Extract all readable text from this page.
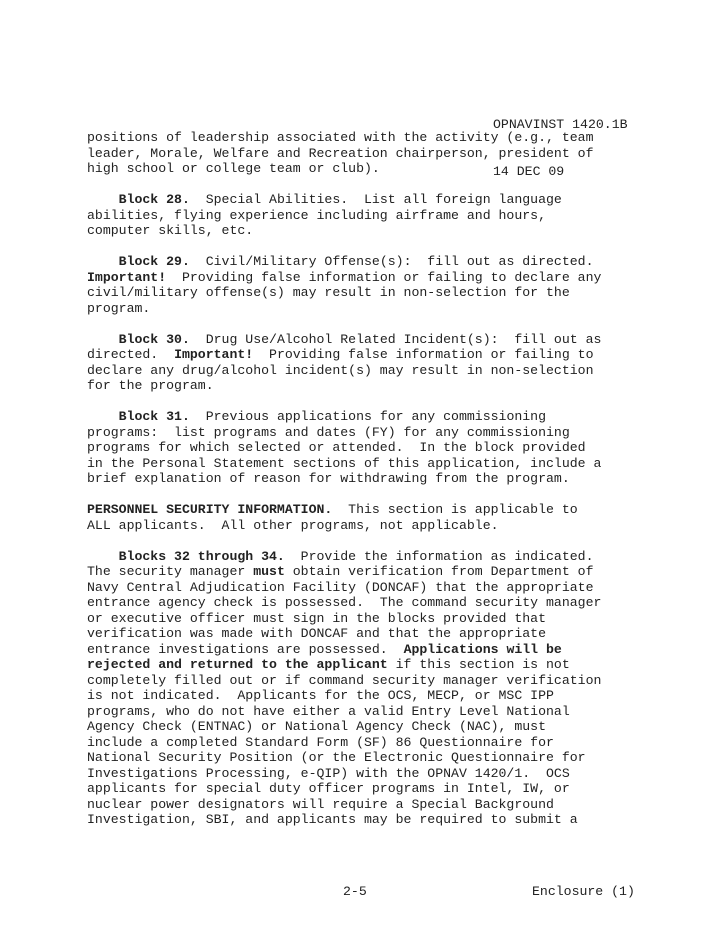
OPNAVINST 1420.1B

14 DEC 09

positions of leadership associated with the activity (e.g., team
leader, Morale, Welfare and Recreation chairperson, president of
high school or college team or club).
Block 28.  Special Abilities.  List all foreign language
abilities, flying experience including airframe and hours,
computer skills, etc.
Block 29.  Civil/Military Offense(s):  fill out as directed.
Important!  Providing false information or failing to declare any
civil/military offense(s) may result in non-selection for the
program.
Block 30.  Drug Use/Alcohol Related Incident(s):  fill out as
directed.  Important!  Providing false information or failing to
declare any drug/alcohol incident(s) may result in non-selection
for the program.
Block 31.  Previous applications for any commissioning
programs:  list programs and dates (FY) for any commissioning
programs for which selected or attended.  In the block provided
in the Personal Statement sections of this application, include a
brief explanation of reason for withdrawing from the program.
PERSONNEL SECURITY INFORMATION.  This section is applicable to
ALL applicants.  All other programs, not applicable.
Blocks 32 through 34.  Provide the information as indicated.
The security manager must obtain verification from Department of
Navy Central Adjudication Facility (DONCAF) that the appropriate
entrance agency check is possessed.  The command security manager
or executive officer must sign in the blocks provided that
verification was made with DONCAF and that the appropriate
entrance investigations are possessed.  Applications will be
rejected and returned to the applicant if this section is not
completely filled out or if command security manager verification
is not indicated.  Applicants for the OCS, MECP, or MSC IPP
programs, who do not have either a valid Entry Level National
Agency Check (ENTNAC) or National Agency Check (NAC), must
include a completed Standard Form (SF) 86 Questionnaire for
National Security Position (or the Electronic Questionnaire for
Investigations Processing, e-QIP) with the OPNAV 1420/1.  OCS
applicants for special duty officer programs in Intel, IW, or
nuclear power designators will require a Special Background
Investigation, SBI, and applicants may be required to submit a
2-5	Enclosure (1)
